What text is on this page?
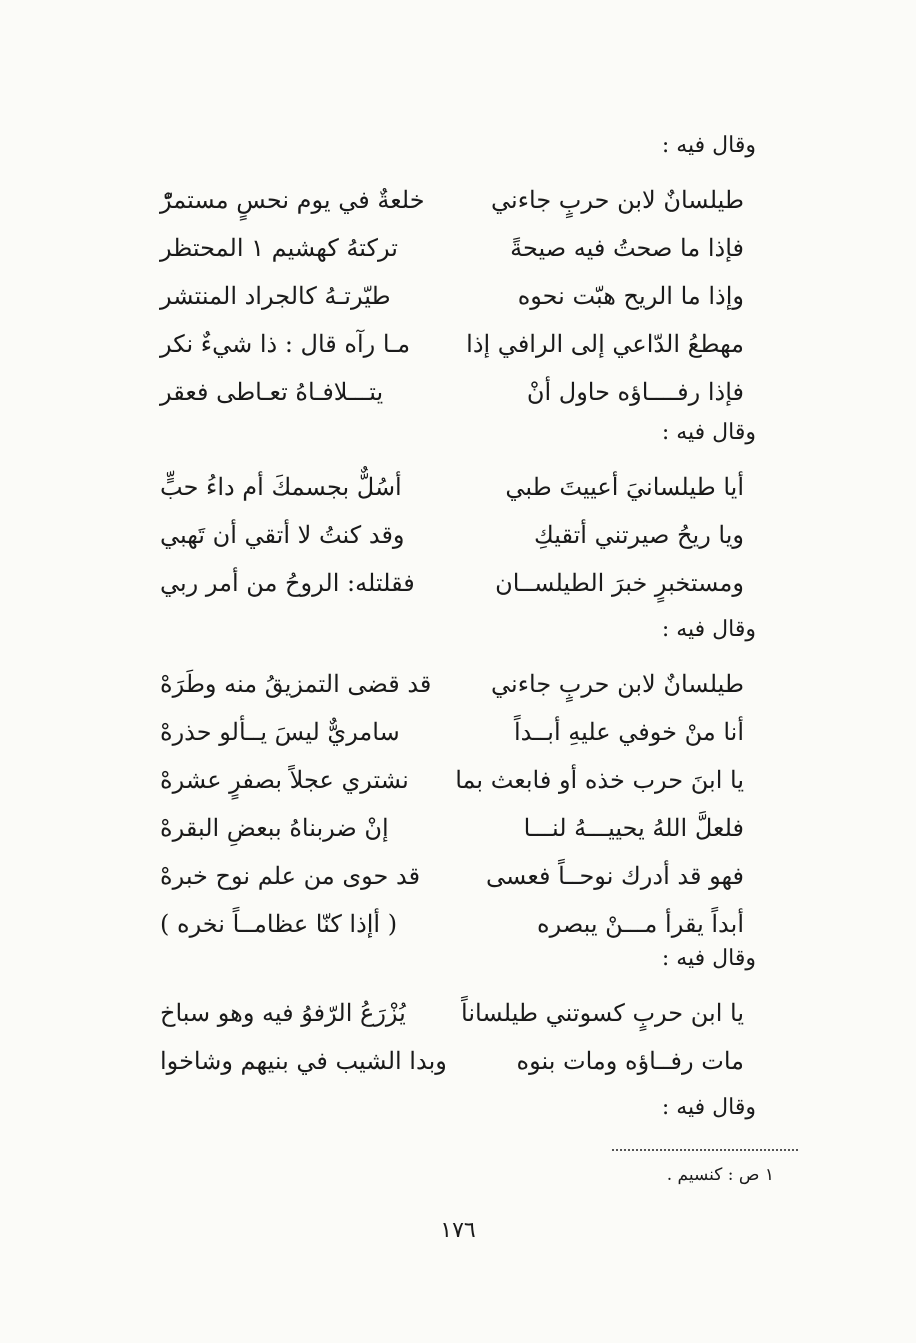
وقال فيه :
طيلسانٌ لابن حربٍ جاءني
خلعةٌ في يوم نحسٍ مستمرّْ
فإذا ما صحتُ فيه صيحةً
تركتهُ كهشيم ١ المحتظر
وإذا ما الريح هبّت نحوه
طيّرتـهُ كالجراد المنتشر
مهطعُ الدّاعي إلى الرافي إذا
مـا رآه قال : ذا شيءٌ نكر
فإذا رفــــاؤه حاول أنْ
يتـــلافـاهُ تعـاطى فعقر
وقال فيه :
أيا طيلسانيَ أعييتَ طبي
أسُلٌّ بجسمكَ أم داءُ حبٍّ
ويا ريحُ صيرتني أتقيكِ
وقد كنتُ لا أتقي أن تَهبي
ومستخبرٍ خبرَ الطيلســان
فقلتله: الروحُ من أمر ربي
وقال فيه :
طيلسانٌ لابن حربٍ جاءني
قد قضى التمزيقُ منه وطَرَهْ
أنا منْ خوفي عليهِ أبــداً
سامريٌّ ليسَ يــألو حذرهْ
يا ابنَ حرب خذه أو فابعث بما
نشتري عجلاً بصفرٍ عشرهْ
فلعلَّ اللهُ يحييـــهُ لنـــا
إنْ ضربناهُ ببعضِ البقرهْ
فهو قد أدرك نوحــاً فعسى
قد حوى من علم نوح خبرهْ
أبداً يقرأ مـــنْ يبصره
( أإذا كنّا عظامــاً نخره )
وقال فيه :
يا ابن حربٍ كسوتني طيلساناً
يُزْرَعُ الرّفوُ فيه وهو سباخ
مات رفــاؤه ومات بنوه
وبدا الشيب في بنيهم وشاخوا
وقال فيه :
١ ص : كنسيم .
١٧٦
